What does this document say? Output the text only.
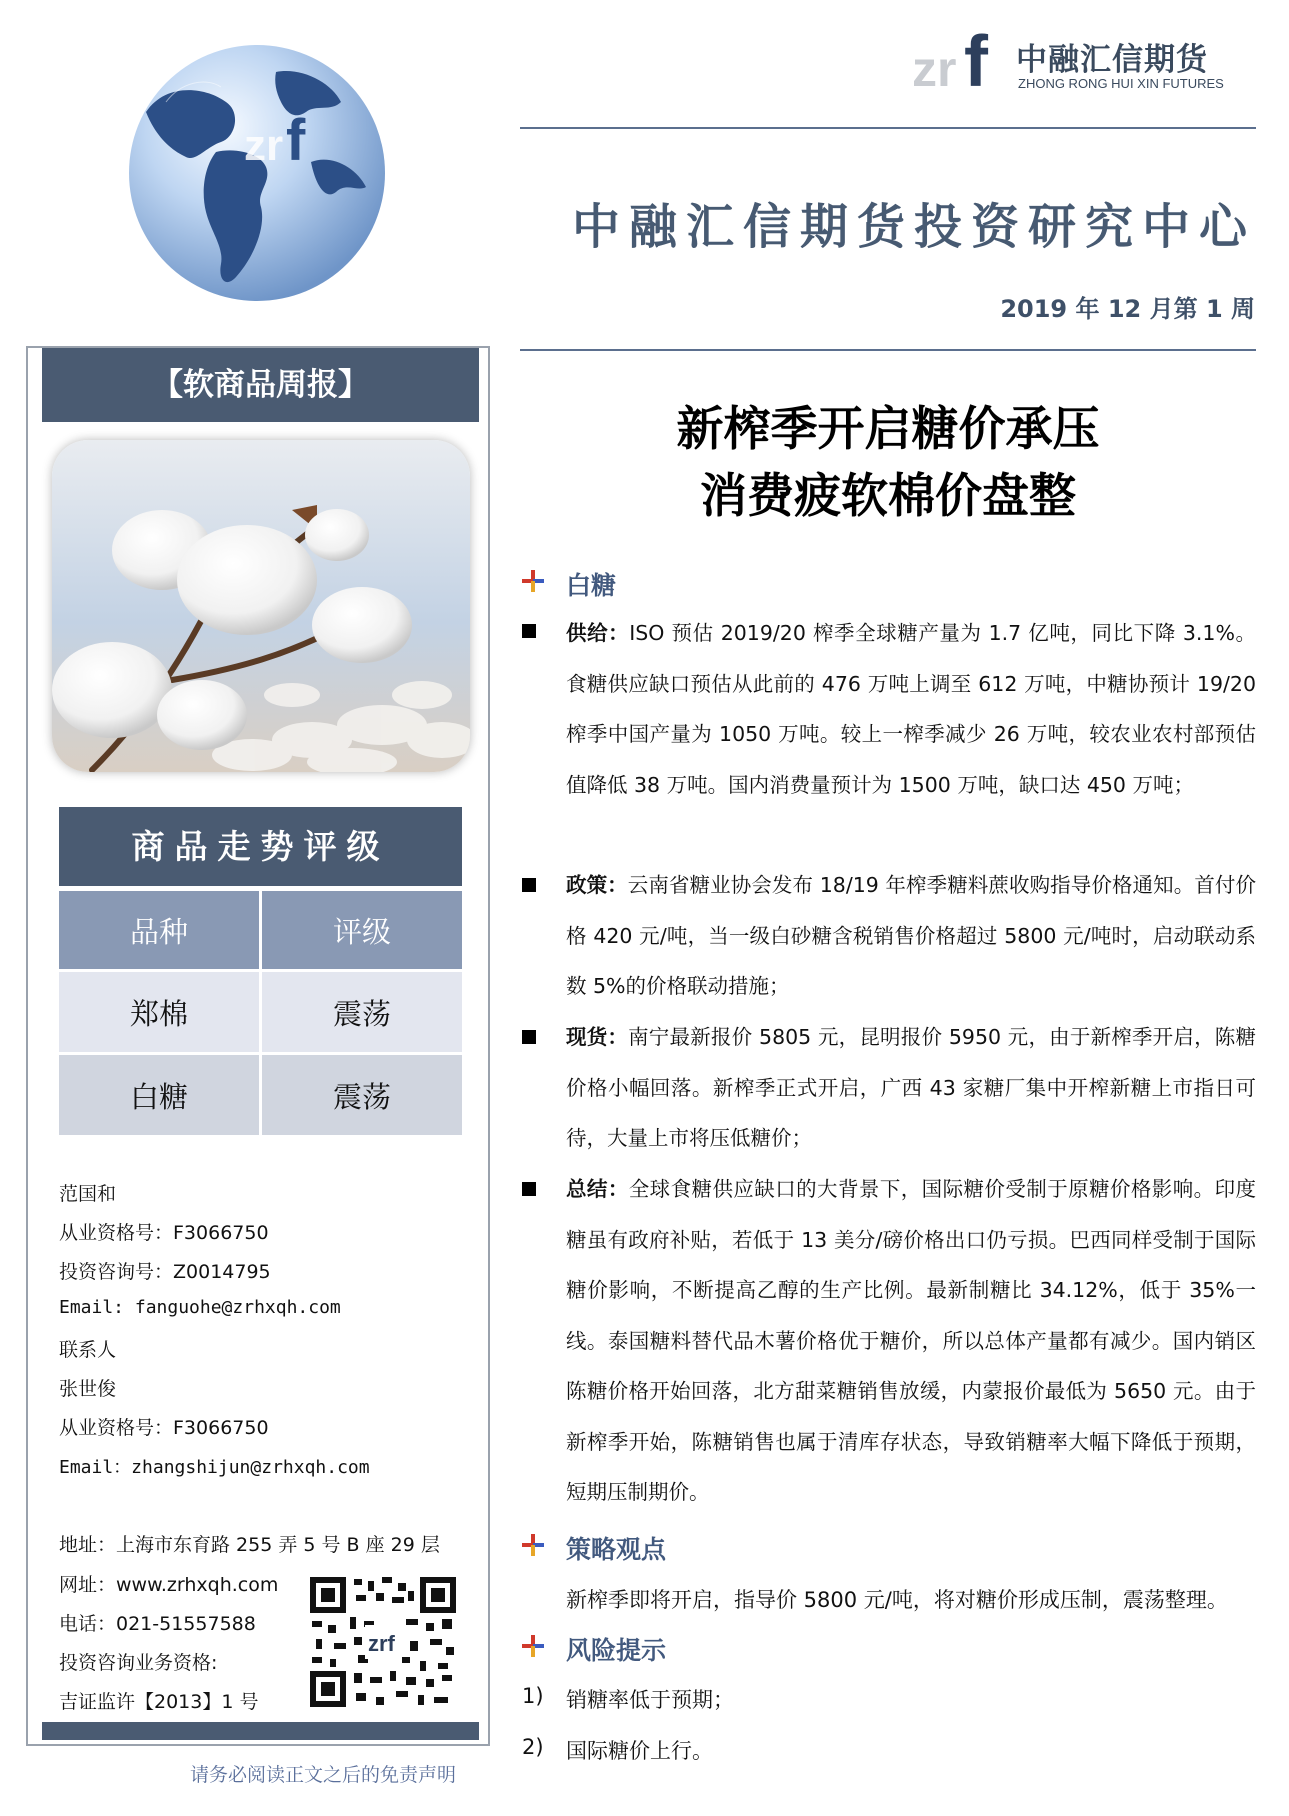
zr f
zr f 中融汇信期货
ZHONG RONG HUI XIN FUTURES
中融汇信期货投资研究中心
2019 年 12 月第 1 周
【软商品周报】
商品走势评级
品种	评级
郑棉	震荡
白糖	震荡
范国和
从业资格号：F3066750
投资咨询号：Z0014795
Email: fanguohe@zrhxqh.com
联系人
张世俊
从业资格号：F3066750
Email：zhangshijun@zrhxqh.com
地址：上海市东育路 255 弄 5 号 B 座 29 层
网址：www.zrhxqh.com
电话：021-51557588
投资咨询业务资格:
吉证监许【2013】1 号
zrf
请务必阅读正文之后的免责声明
新榨季开启糖价承压
消费疲软棉价盘整
白糖
供给：ISO 预估 2019/20 榨季全球糖产量为 1.7 亿吨，同比下降 3.1%。食糖供应缺口预估从此前的 476 万吨上调至 612 万吨，中糖协预计 19/20 榨季中国产量为 1050 万吨。较上一榨季减少 26 万吨，较农业农村部预估值降低 38 万吨。国内消费量预计为 1500 万吨，缺口达 450 万吨；
政策：云南省糖业协会发布 18/19 年榨季糖料蔗收购指导价格通知。首付价格 420 元/吨，当一级白砂糖含税销售价格超过 5800 元/吨时，启动联动系数 5%的价格联动措施；
现货：南宁最新报价 5805 元，昆明报价 5950 元，由于新榨季开启，陈糖价格小幅回落。新榨季正式开启，广西 43 家糖厂集中开榨新糖上市指日可待，大量上市将压低糖价；
总结：全球食糖供应缺口的大背景下，国际糖价受制于原糖价格影响。印度糖虽有政府补贴，若低于 13 美分/磅价格出口仍亏损。巴西同样受制于国际糖价影响，不断提高乙醇的生产比例。最新制糖比 34.12%，低于 35%一线。泰国糖料替代品木薯价格优于糖价，所以总体产量都有减少。国内销区陈糖价格开始回落，北方甜菜糖销售放缓，内蒙报价最低为 5650 元。由于新榨季开始，陈糖销售也属于清库存状态，导致销糖率大幅下降低于预期，短期压制期价。
策略观点
新榨季即将开启，指导价 5800 元/吨，将对糖价形成压制，震荡整理。
风险提示
1) 销糖率低于预期；
2) 国际糖价上行。
